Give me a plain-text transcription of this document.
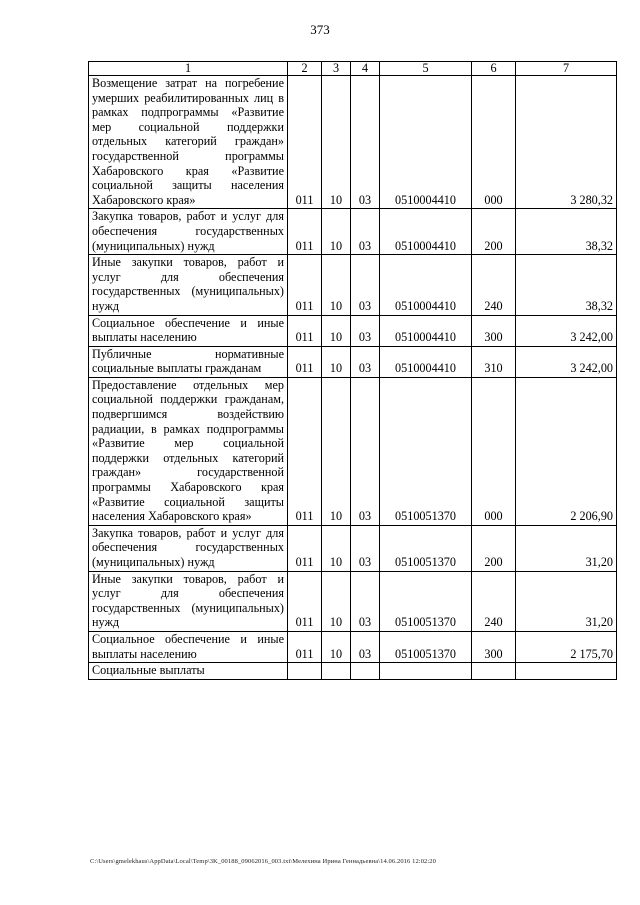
373
1	2	3	4	5	6	7
Возмещение затрат на погребение умерших реабилитированных лиц в рамках подпрограммы «Развитие мер социальной поддержки отдельных категорий граждан» государственной программы Хабаровского края «Развитие социальной защиты населения Хабаровского края»	011	10	03	0510004410	000	3 280,32
Закупка товаров, работ и услуг для обеспечения государственных (муниципальных) нужд	011	10	03	0510004410	200	38,32
Иные закупки товаров, работ и услуг для обеспечения государственных (муниципальных) нужд	011	10	03	0510004410	240	38,32
Социальное обеспечение и иные выплаты населению	011	10	03	0510004410	300	3 242,00
Публичные нормативные социальные выплаты гражданам	011	10	03	0510004410	310	3 242,00
Предоставление отдельных мер социальной поддержки гражданам, подвергшимся воздействию радиации, в рамках подпрограммы «Развитие мер социальной поддержки отдельных категорий граждан» государственной программы Хабаровского края «Развитие социальной защиты населения Хабаровского края»	011	10	03	0510051370	000	2 206,90
Закупка товаров, работ и услуг для обеспечения государственных (муниципальных) нужд	011	10	03	0510051370	200	31,20
Иные закупки товаров, работ и услуг для обеспечения государственных (муниципальных) нужд	011	10	03	0510051370	240	31,20
Социальное обеспечение и иные выплаты населению	011	10	03	0510051370	300	2 175,70
Социальные выплаты						
C:\Users\gmelekhaus\AppData\Local\Temp\3K_00188_09062016_003.txt\Мелехина Ирина Геннадьевна\14.06.2016 12:02:20
